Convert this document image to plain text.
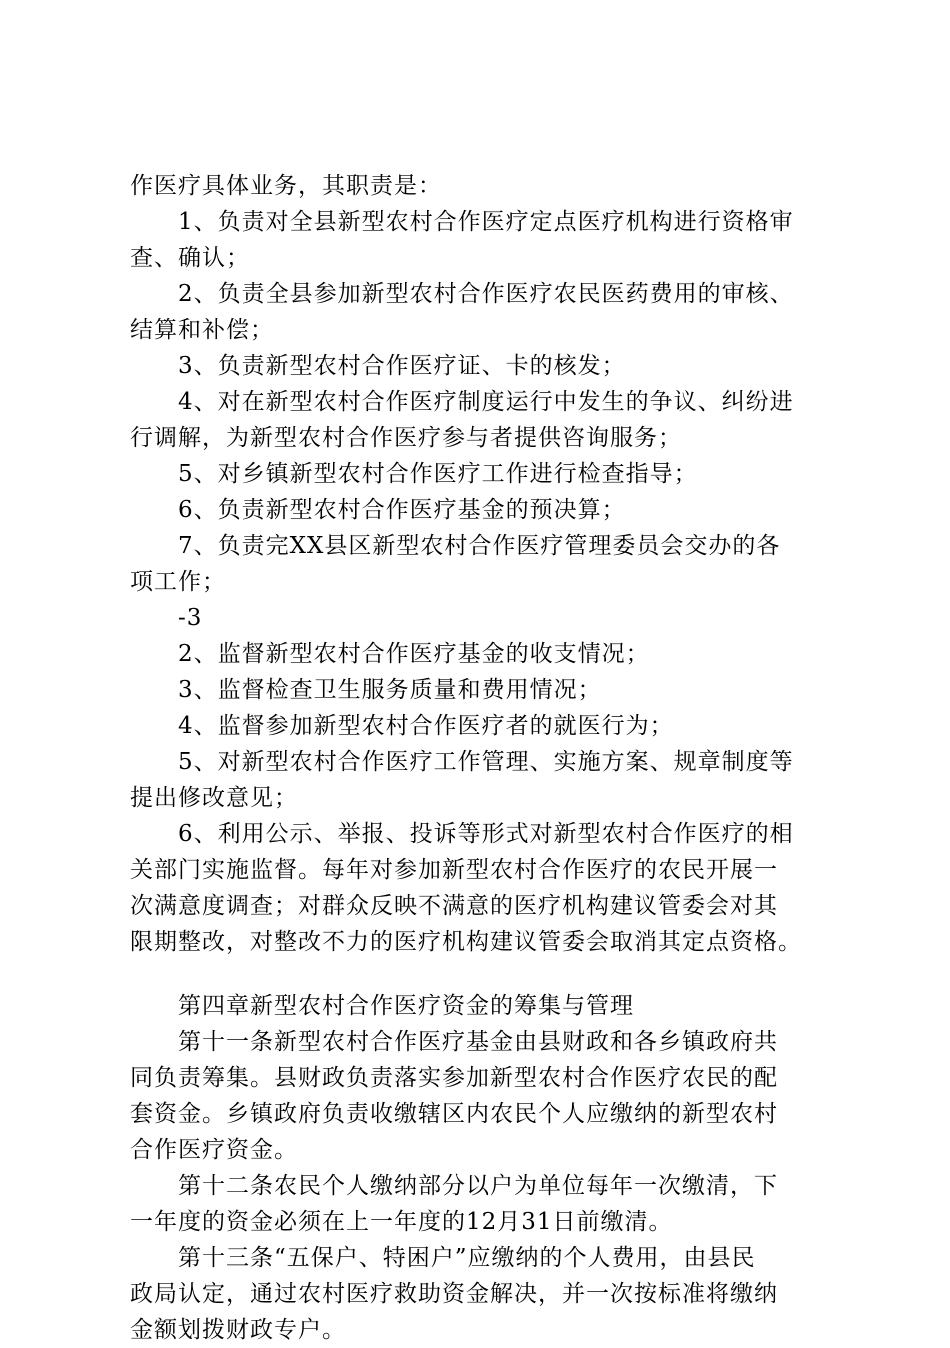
作医疗具体业务，其职责是：
1、负责对全县新型农村合作医疗定点医疗机构进行资格审
查、确认；
2、负责全县参加新型农村合作医疗农民医药费用的审核、
结算和补偿；
3、负责新型农村合作医疗证、卡的核发；
4、对在新型农村合作医疗制度运行中发生的争议、纠纷进
行调解，为新型农村合作医疗参与者提供咨询服务；
5、对乡镇新型农村合作医疗工作进行检查指导；
6、负责新型农村合作医疗基金的预决算；
7、负责完XX县区新型农村合作医疗管理委员会交办的各
项工作；
-3
2、监督新型农村合作医疗基金的收支情况；
3、监督检查卫生服务质量和费用情况；
4、监督参加新型农村合作医疗者的就医行为；
5、对新型农村合作医疗工作管理、实施方案、规章制度等
提出修改意见；
6、利用公示、举报、投诉等形式对新型农村合作医疗的相
关部门实施监督。每年对参加新型农村合作医疗的农民开展一
次满意度调查；对群众反映不满意的医疗机构建议管委会对其
限期整改，对整改不力的医疗机构建议管委会取消其定点资格。
第四章新型农村合作医疗资金的筹集与管理
第十一条新型农村合作医疗基金由县财政和各乡镇政府共
同负责筹集。县财政负责落实参加新型农村合作医疗农民的配
套资金。乡镇政府负责收缴辖区内农民个人应缴纳的新型农村
合作医疗资金。
第十二条农民个人缴纳部分以户为单位每年一次缴清，下
一年度的资金必须在上一年度的12月31日前缴清。
第十三条“五保户、特困户”应缴纳的个人费用，由县民
政局认定，通过农村医疗救助资金解决，并一次按标准将缴纳
金额划拨财政专户。
